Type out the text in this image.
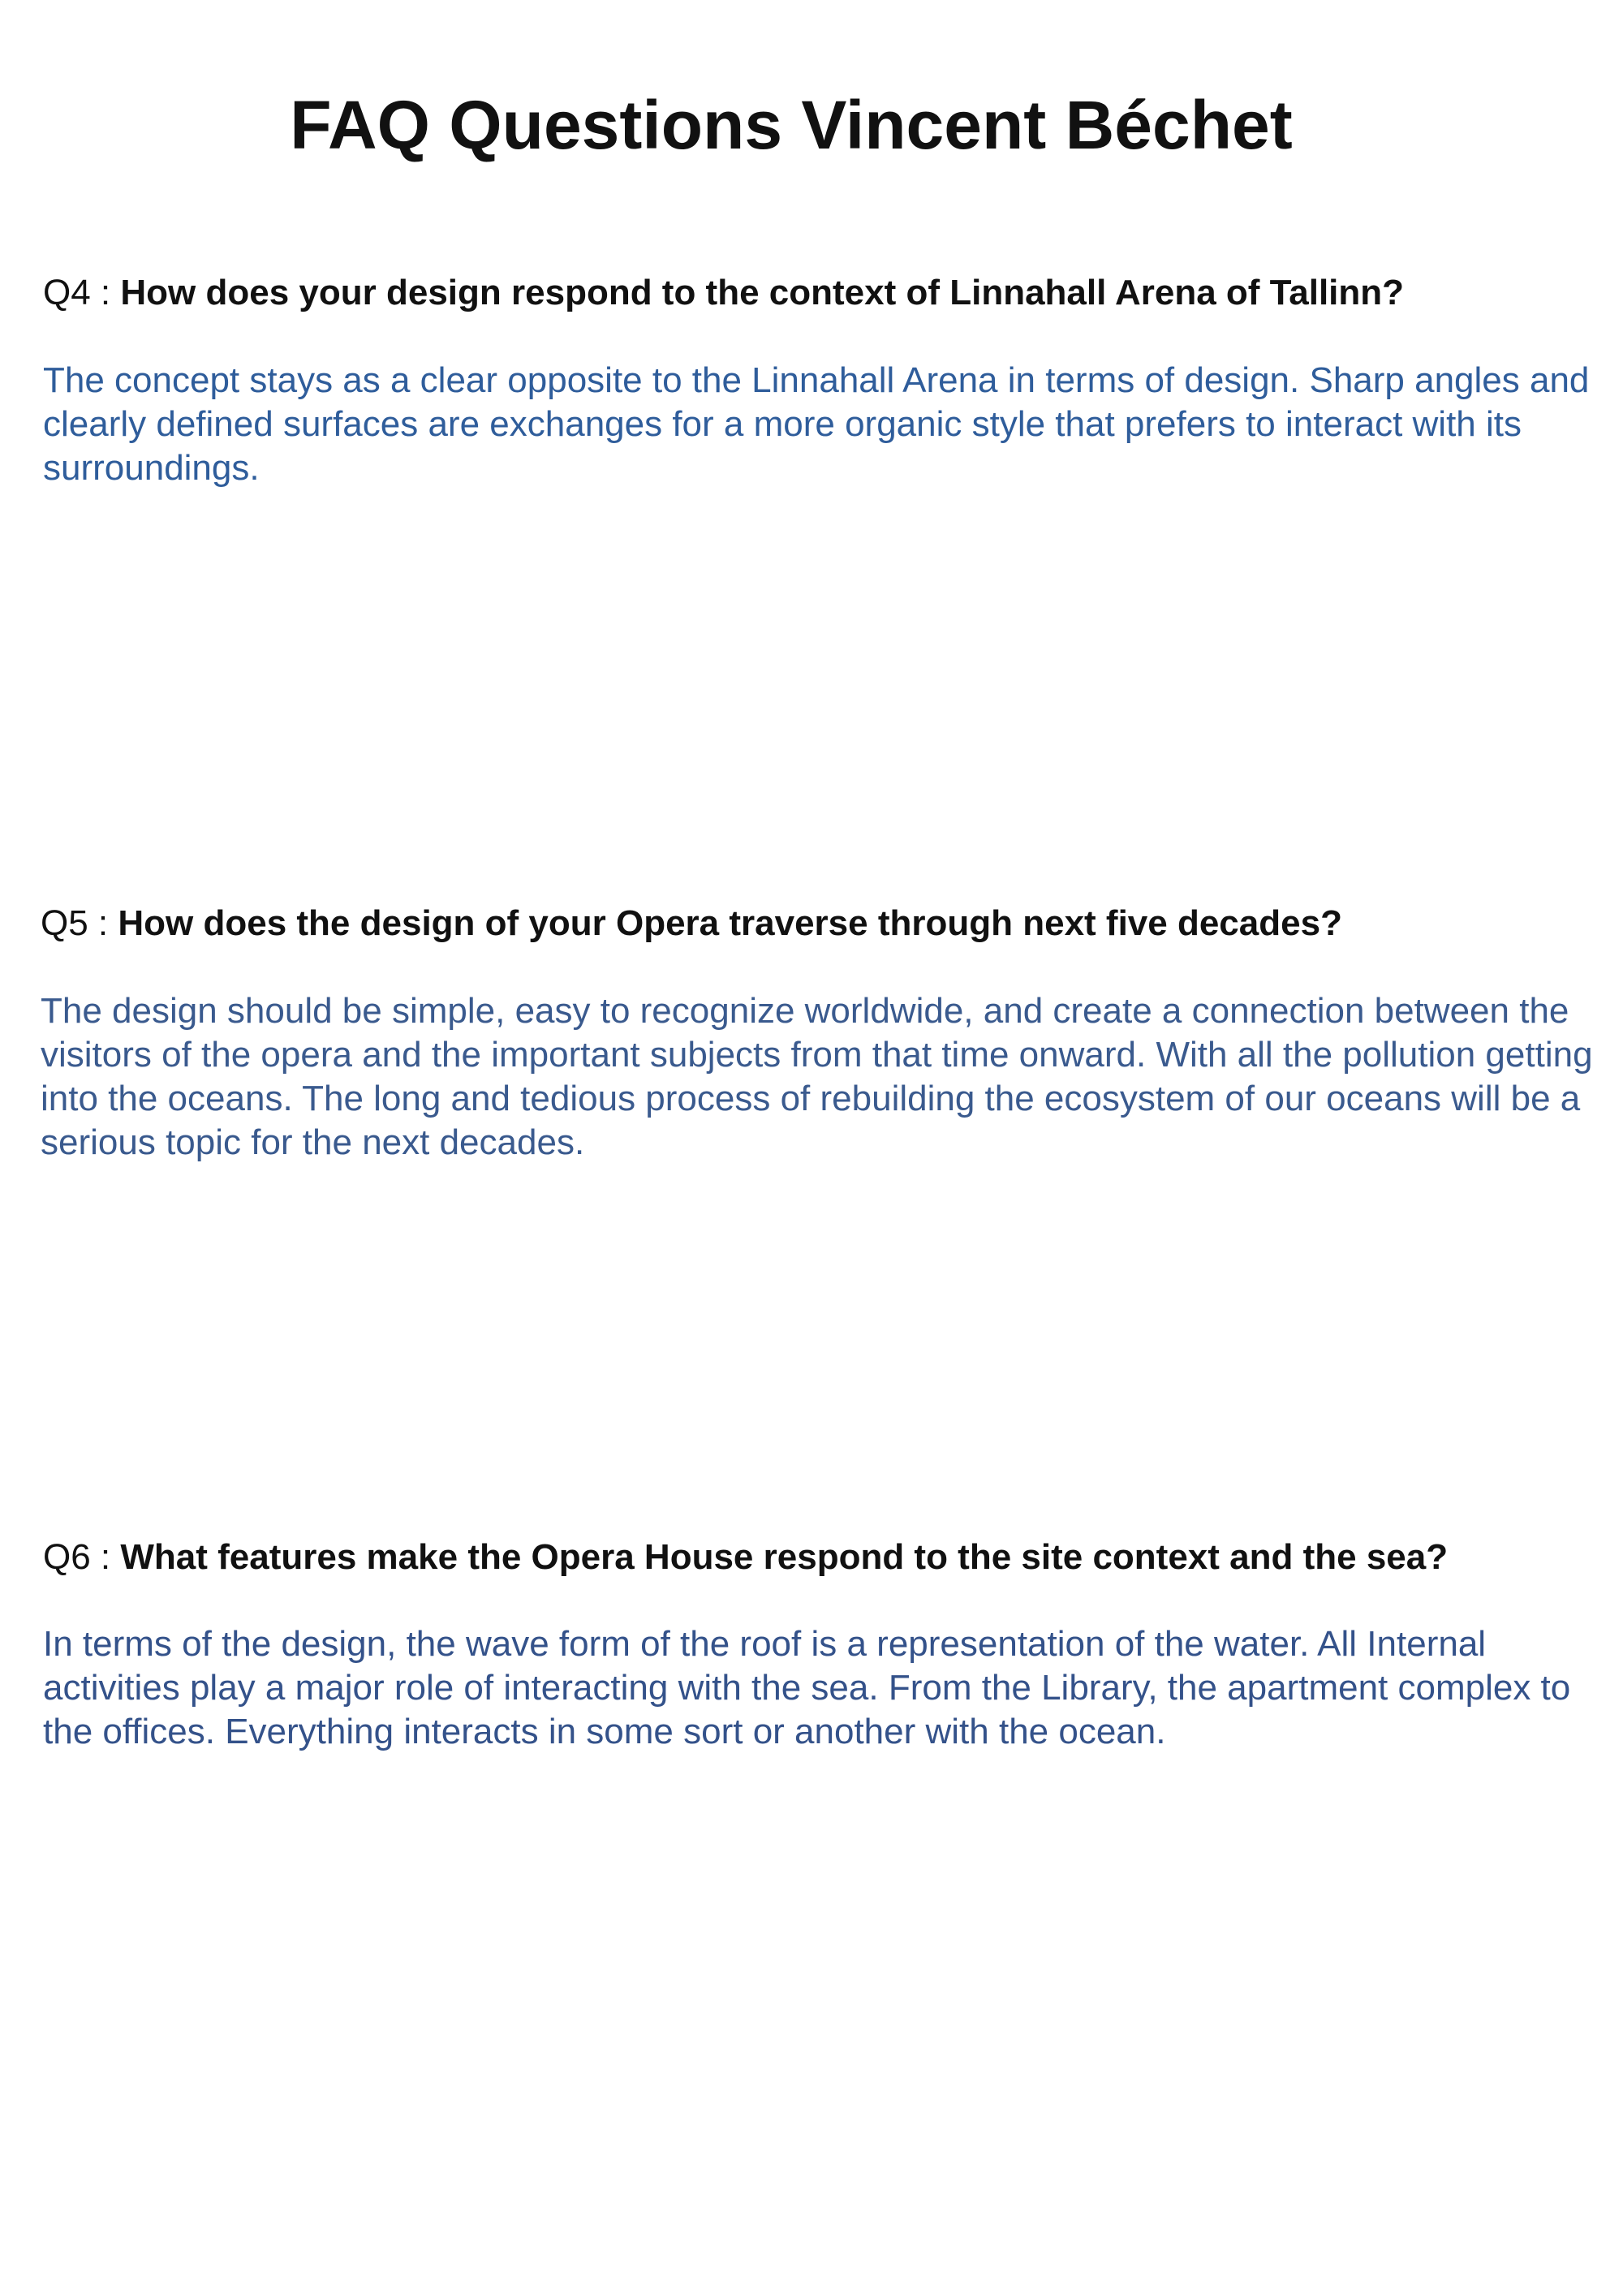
FAQ Questions Vincent Béchet

Q4 : How does your design respond to the context of Linnahall Arena of Tallinn?

The concept stays as a clear opposite to the Linnahall Arena in terms of design. Sharp angles and clearly defined surfaces are exchanges for a more organic style that prefers to interact with its surroundings.

Q5 : How does the design of your Opera traverse through next five decades?

The design should be simple, easy to recognize worldwide, and create a connection between the visitors of the opera and the important subjects from that time onward. With all the pollution getting into the oceans. The long and tedious process of rebuilding the ecosystem of our oceans will be a serious topic for the next decades.

Q6 : What features make the Opera House respond to the site context and the sea?

In terms of the design, the wave form of the roof is a representation of the water. All Internal activities play a major role of interacting with the sea. From the Library, the apartment complex to the offices. Everything interacts in some sort or another with the ocean.
